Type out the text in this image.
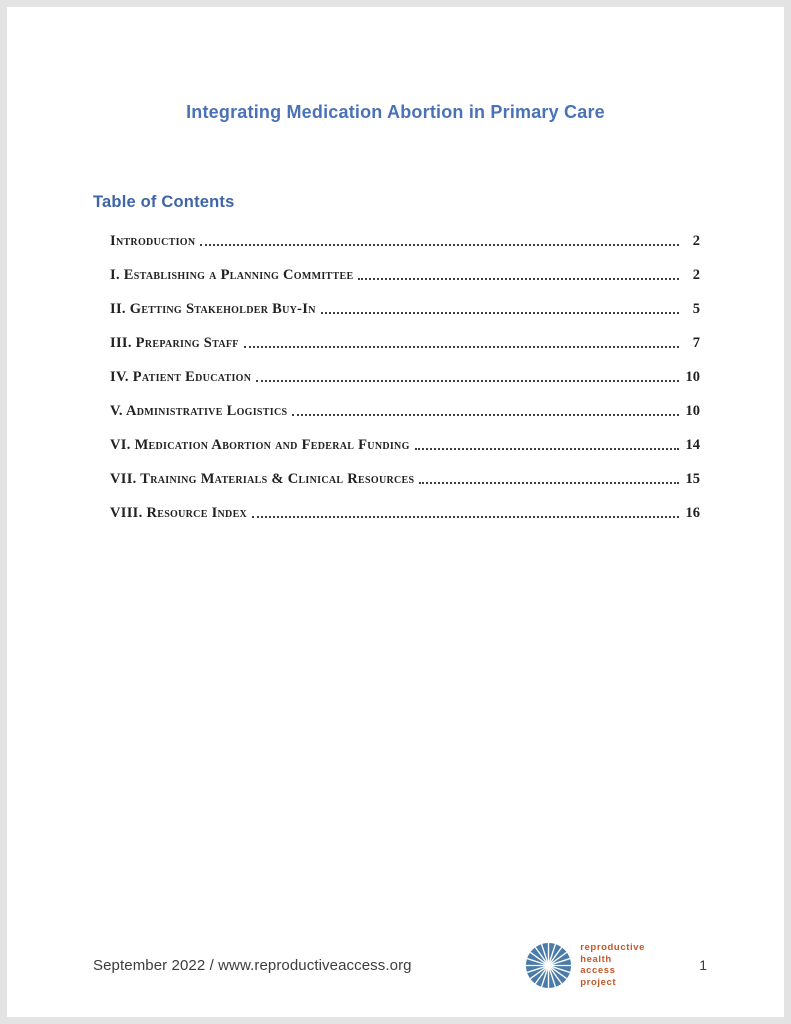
Integrating Medication Abortion in Primary Care
Table of Contents
Introduction	2
I. Establishing a Planning Committee	2
II. Getting Stakeholder Buy-In	5
III. Preparing Staff	7
IV. Patient Education	10
V. Administrative Logistics	10
VI. Medication Abortion and Federal Funding	14
VII. Training Materials & Clinical Resources	15
VIII. Resource Index	16
September 2022 / www.reproductiveaccess.org
reproductive
health
access
project
1
